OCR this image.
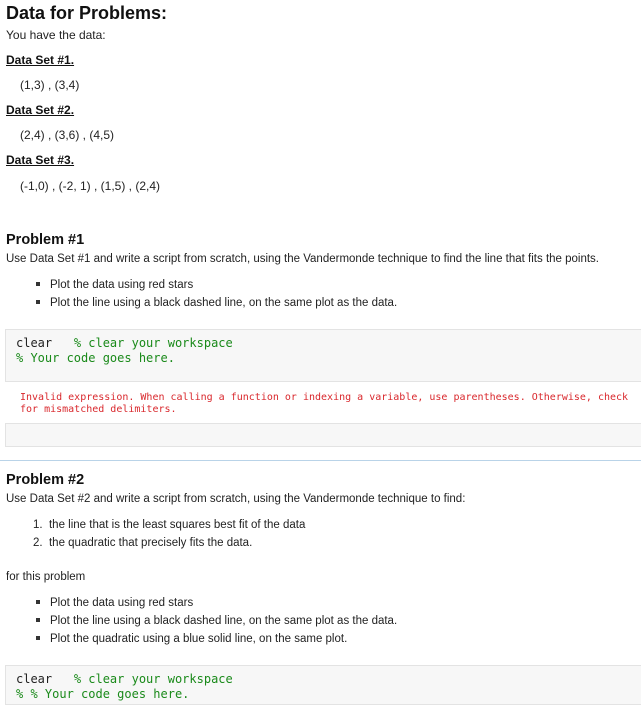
Data for Problems:
You have the data:
Data Set #1.
(1,3) , (3,4)
Data Set #2.
(2,4) , (3,6) , (4,5)
Data Set #3.
(-1,0) , (-2, 1) , (1,5) , (2,4)
Problem #1
Use Data Set #1 and write a script from scratch, using the Vandermonde technique to find the line that fits the points.
Plot the data using red stars
Plot the line using a black dashed line, on the same plot as the data.
clear % clear your workspace
% Your code goes here.
Invalid expression. When calling a function or indexing a variable, use parentheses. Otherwise, check
for mismatched delimiters.
Problem #2
Use Data Set #2 and write a script from scratch, using the Vandermonde technique to find:
1. the line that is the least squares best fit of the data
2. the quadratic that precisely fits the data.
for this problem
Plot the data using red stars
Plot the line using a black dashed line, on the same plot as the data.
Plot the quadratic using a blue solid line, on the same plot.
clear % clear your workspace
% % Your code goes here.
